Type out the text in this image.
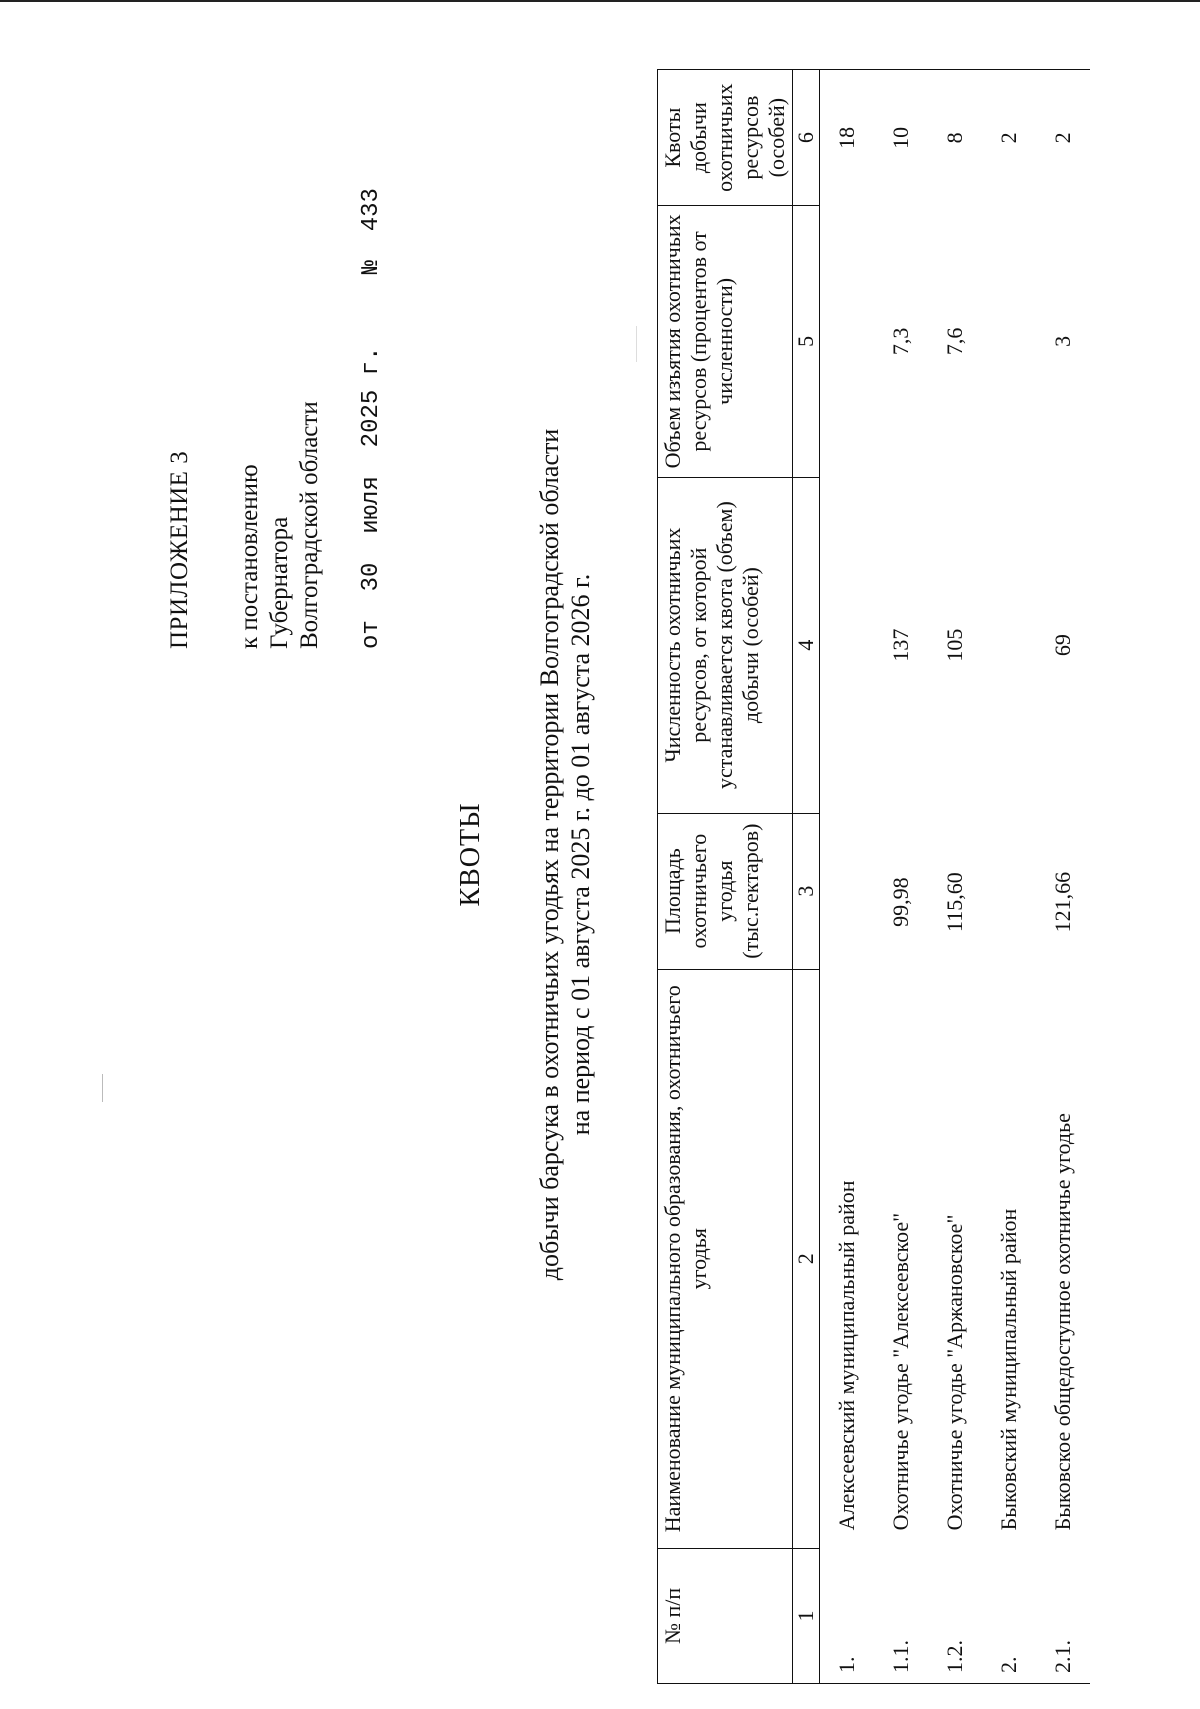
ПРИЛОЖЕНИЕ 3 к постановлению Губернатора Волгоградской области от  30  июля  2025 г.     №  433
КВОТЫ добычи барсука в охотничьих угодьях на территории Волгоградской области на период с 01 августа 2025 г. до 01 августа 2026 г.
№ п/п	Наименование муниципального образования, охотничьего угодья	Площадь охотничьего угодья (тыс.гектаров)	Численность охотничьих ресурсов, от которой устанавливается квота (объем) добычи (особей)	Объем изъятия охотничьих ресурсов (процентов от численности)	Квоты добычи охотничьих ресурсов (особей)
1	2	3	4	5	6
1.	Алексеевский муниципальный район				18
1.1.	Охотничье угодье "Алексеевское"	99,98	137	7,3	10
1.2.	Охотничье угодье "Аржановское"	115,60	105	7,6	8
2.	Быковский муниципальный район				2
2.1.	Быковское общедоступное охотничье угодье	121,66	69	3	2
